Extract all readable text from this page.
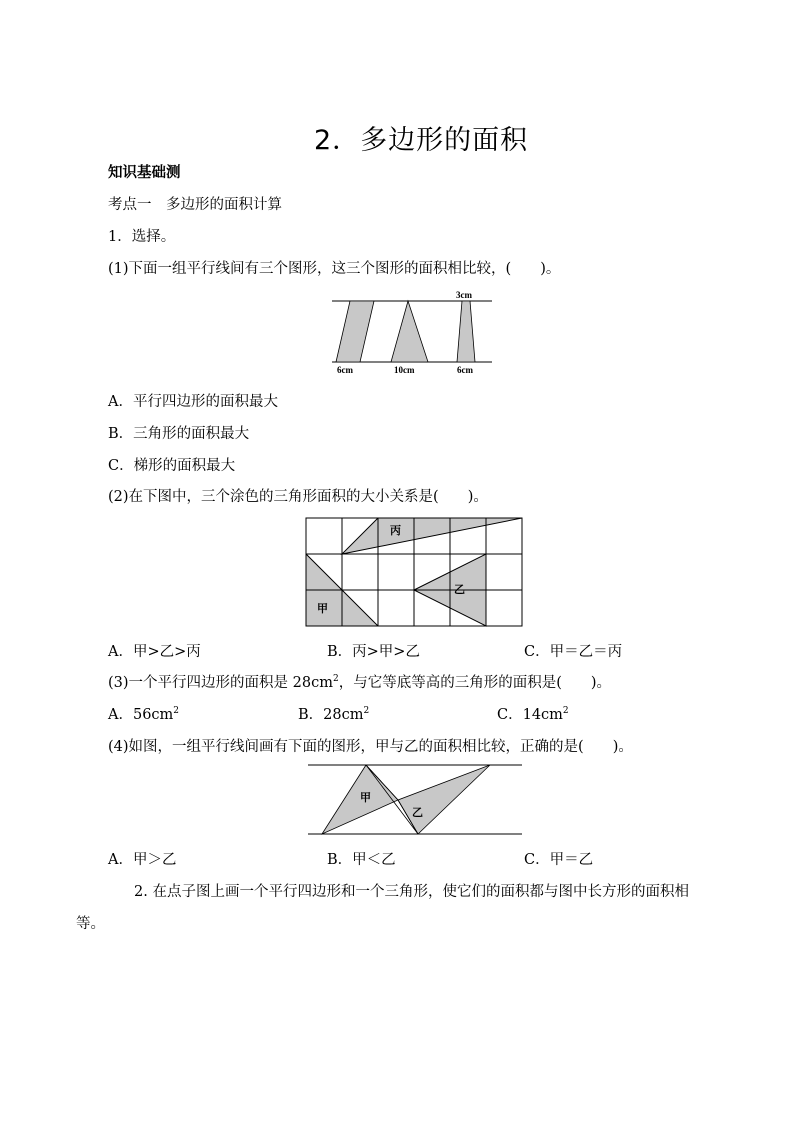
2．多边形的面积
知识基础测
考点一　多边形的面积计算
1．选择。
(1)下面一组平行线间有三个图形，这三个图形的面积相比较，(　　)。
3cm
6cm	10cm	6cm
A．平行四边形的面积最大
B．三角形的面积最大
C．梯形的面积最大
(2)在下图中，三个涂色的三角形面积的大小关系是(　　)。
丙
乙
甲
A．甲>乙>丙	B．丙>甲>乙	C．甲＝乙＝丙
(3)一个平行四边形的面积是 $28cm^2$，与它等底等高的三角形的面积是(　　)。
A．$56cm^2$	B．$28cm^2$	C．$14cm^2$
(4)如图，一组平行线间画有下面的图形，甲与乙的面积相比较，正确的是(　　)。
甲
乙
A．甲＞乙	B．甲＜乙	C．甲＝乙
2. 在点子图上画一个平行四边形和一个三角形，使它们的面积都与图中长方形的面积相
等。
